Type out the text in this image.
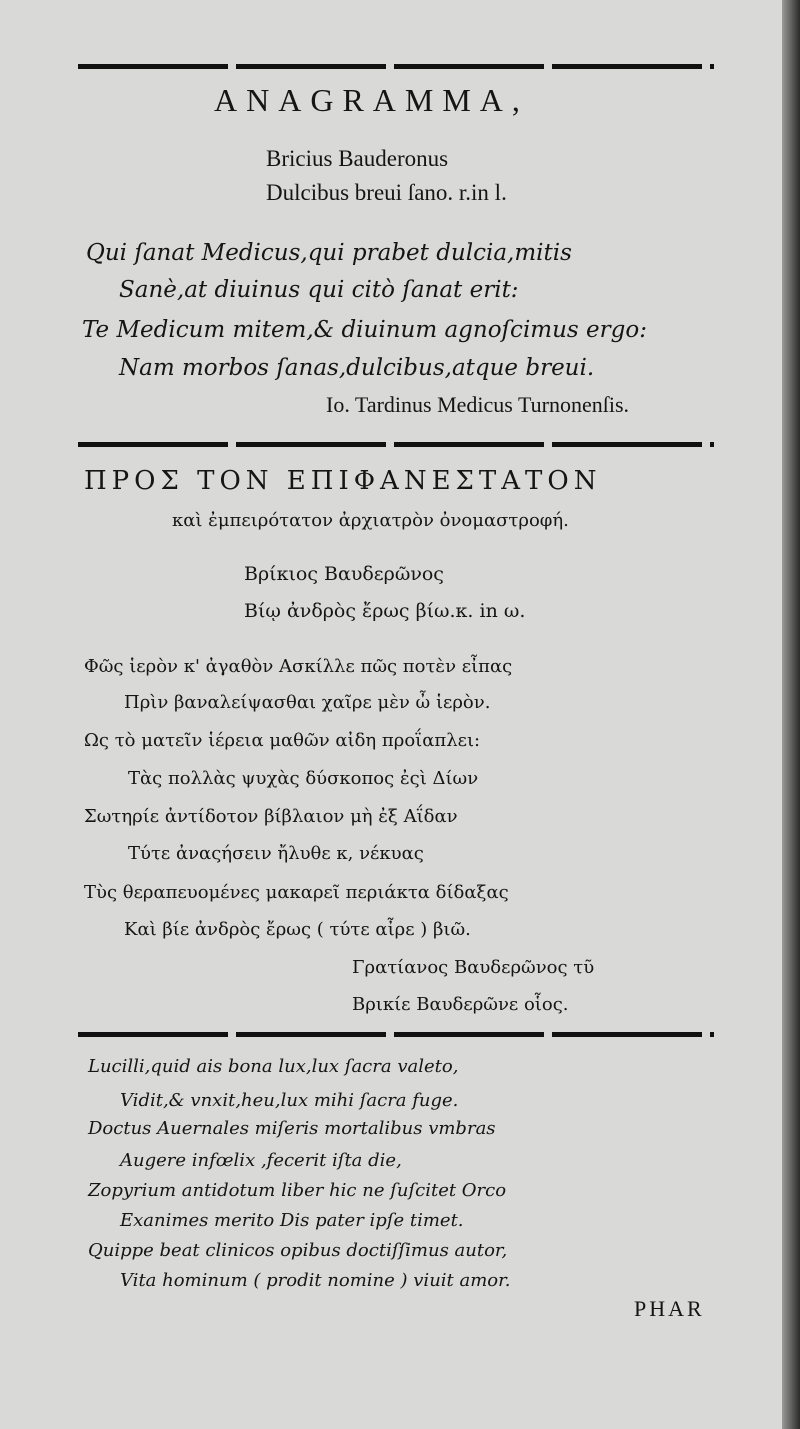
ANAGRAMMA,
Bricius Bauderonus
Dulcibus breui ſano. r.in l.
Qui ſanat Medicus,qui prabet dulcia,mitis
Sanè,at diuinus qui citò ſanat erit:
Te Medicum mitem,& diuinum agnoſcimus ergo:
Nam morbos ſanas,dulcibus,atque breui.
Io. Tardinus Medicus Turnonenſis.
ΠΡΟΣ ΤΟΝ ΕΠΙΦΑΝΕΣΤΑΤΟΝ
καὶ ἐμπειρότατον ἀρχιατρὸν ὀνομαστροφή.
Βρίκιος Βαυδερῶνος
Βίῳ ἀνδρὸς ἔρως βίω.κ. in ω.
Φῶς ἱερὸν κ' ἀγαθὸν Ασκίλλε πῶς ποτὲν εἶπας
Πρὶν βαναλείψασθαι χαῖρε μὲν ὦ ἱερὸν.
Ως τὸ ματεῖν ἱέρεια μαθῶν αἰδη προΐαπλει:
Τὰς πολλὰς ψυχὰς δύσκοπος ἐςὶ Δίων
Σωτηρίε ἀντίδοτον βίβλαιον μὴ ἐξ Αΐδαν
Τύτε ἀναςήσειν ἤλυθε κ, νέκυας
Τὺς θεραπευομένες μακαρεῖ περιάκτα δίδαξας
Καὶ βίε ἀνδρὸς ἔρως ( τύτε αἶρε ) βιῶ.
Γρατίανος Βαυδερῶνος τῦ
Βρικίε Βαυδερῶνε οἷος.
Lucilli,quid ais bona lux,lux ſacra valeto,
Vidit,& vnxit,heu,lux mihi ſacra fuge.
Doctus Auernales miſeris mortalibus vmbras
Augere infœlix ,fecerit iſta die,
Zopyrium antidotum liber hic ne ſuſcitet Orco
Exanimes merito Dis pater ipſe timet.
Quippe beat clinicos opibus doctiſſimus autor,
Vita hominum ( prodit nomine ) viuit amor.
PHAR
